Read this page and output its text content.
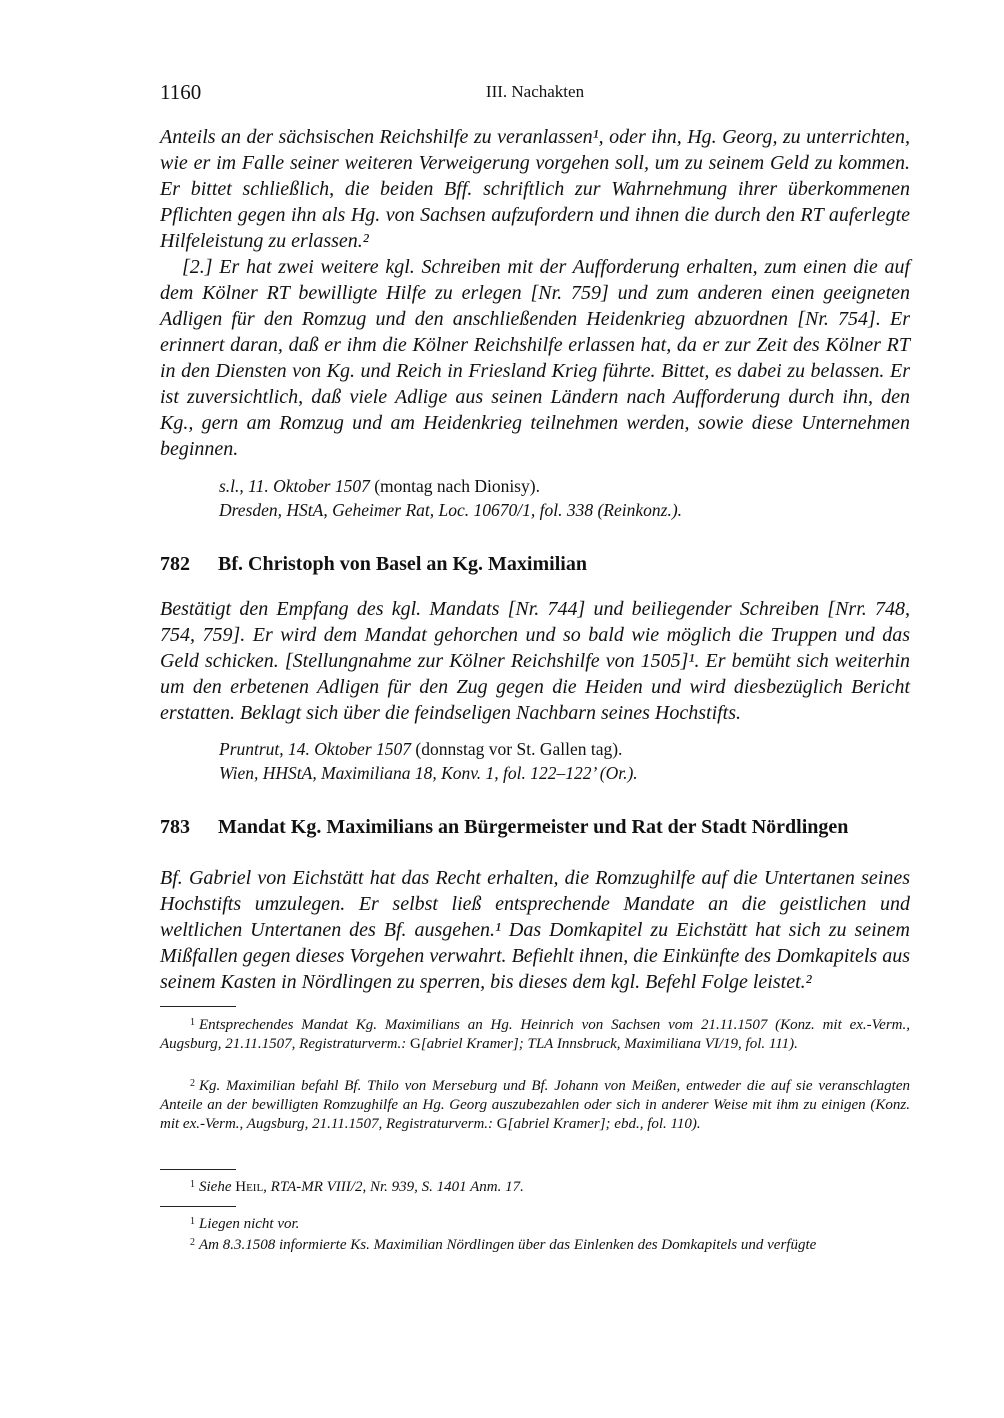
1160	III. Nachakten

Anteils an der sächsischen Reichshilfe zu veranlassen¹, oder ihn, Hg. Georg, zu unterrichten, wie er im Falle seiner weiteren Verweigerung vorgehen soll, um zu seinem Geld zu kommen. Er bittet schließlich, die beiden Bff. schriftlich zur Wahrnehmung ihrer überkommenen Pflichten gegen ihn als Hg. von Sachsen aufzufordern und ihnen die durch den RT auferlegte Hilfeleistung zu erlassen.²

[2.] Er hat zwei weitere kgl. Schreiben mit der Aufforderung erhalten, zum einen die auf dem Kölner RT bewilligte Hilfe zu erlegen [Nr. 759] und zum anderen einen geeigneten Adligen für den Romzug und den anschließenden Heidenkrieg abzuordnen [Nr. 754]. Er erinnert daran, daß er ihm die Kölner Reichshilfe erlassen hat, da er zur Zeit des Kölner RT in den Diensten von Kg. und Reich in Friesland Krieg führte. Bittet, es dabei zu belassen. Er ist zuversichtlich, daß viele Adlige aus seinen Ländern nach Aufforderung durch ihn, den Kg., gern am Romzug und am Heidenkrieg teilnehmen werden, sowie diese Unternehmen beginnen.

s.l., 11. Oktober 1507 (montag nach Dionisy).
Dresden, HStA, Geheimer Rat, Loc. 10670/1, fol. 338 (Reinkonz.).
782 Bf. Christoph von Basel an Kg. Maximilian

Bestätigt den Empfang des kgl. Mandats [Nr. 744] und beiliegender Schreiben [Nrr. 748, 754, 759]. Er wird dem Mandat gehorchen und so bald wie möglich die Truppen und das Geld schicken. [Stellungnahme zur Kölner Reichshilfe von 1505]¹. Er bemüht sich weiterhin um den erbetenen Adligen für den Zug gegen die Heiden und wird diesbezüglich Bericht erstatten. Beklagt sich über die feindseligen Nachbarn seines Hochstifts.

Pruntrut, 14. Oktober 1507 (donnstag vor St. Gallen tag).
Wien, HHStA, Maximiliana 18, Konv. 1, fol. 122–122’ (Or.).
783 Mandat Kg. Maximilians an Bürgermeister und Rat der Stadt Nördlingen

Bf. Gabriel von Eichstätt hat das Recht erhalten, die Romzughilfe auf die Untertanen seines Hochstifts umzulegen. Er selbst ließ entsprechende Mandate an die geistlichen und weltlichen Untertanen des Bf. ausgehen.¹ Das Domkapitel zu Eichstätt hat sich zu seinem Mißfallen gegen dieses Vorgehen verwahrt. Befiehlt ihnen, die Einkünfte des Domkapitels aus seinem Kasten in Nördlingen zu sperren, bis dieses dem kgl. Befehl Folge leistet.²

$^1$ Entsprechendes Mandat Kg. Maximilians an Hg. Heinrich von Sachsen vom 21.11.1507 (Konz. mit ex.-Verm., Augsburg, 21.11.1507, Registraturverm.: G[abriel Kramer]; TLA Innsbruck, Maximiliana VI/19, fol. 111).
$^2$ Kg. Maximilian befahl Bf. Thilo von Merseburg und Bf. Johann von Meißen, entweder die auf sie veranschlagten Anteile an der bewilligten Romzughilfe an Hg. Georg auszubezahlen oder sich in anderer Weise mit ihm zu einigen (Konz. mit ex.-Verm., Augsburg, 21.11.1507, Registraturverm.: G[abriel Kramer]; ebd., fol. 110).
$^1$ Siehe Heil, RTA-MR VIII/2, Nr. 939, S. 1401 Anm. 17.
$^1$ Liegen nicht vor.
$^2$ Am 8.3.1508 informierte Ks. Maximilian Nördlingen über das Einlenken des Domkapitels und verfügte
